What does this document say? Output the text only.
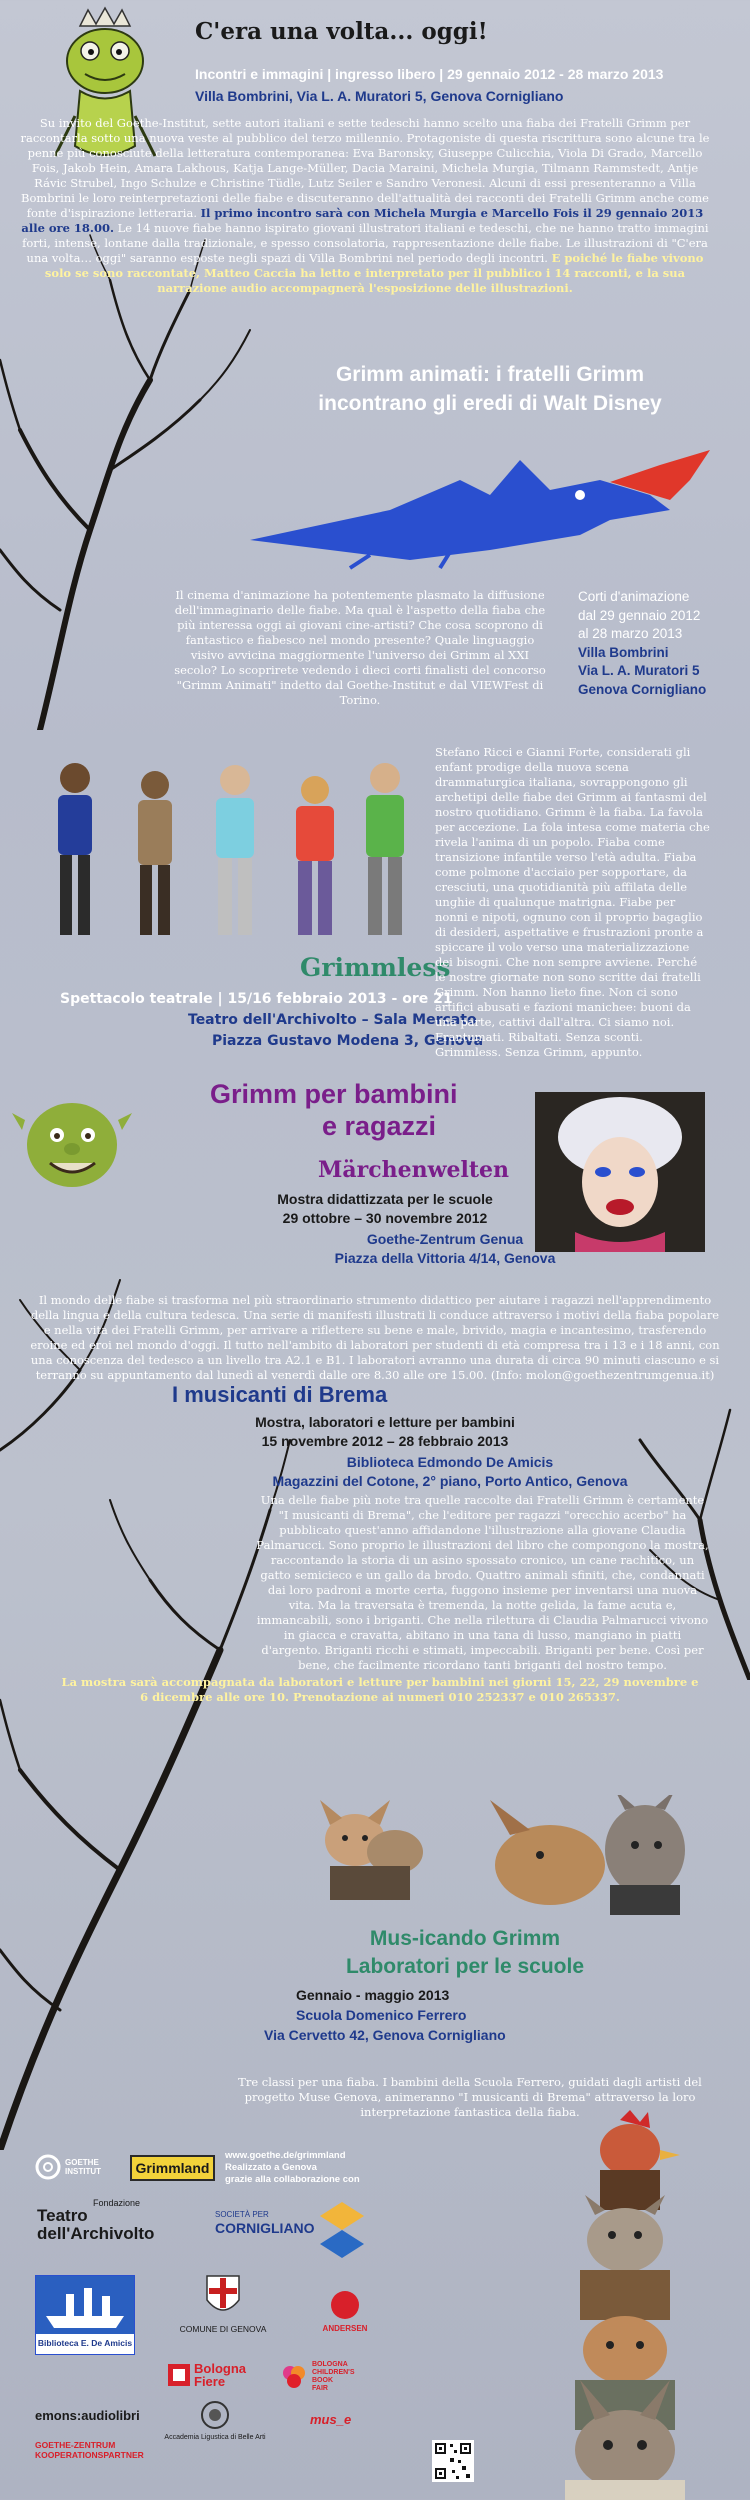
C'era una volta... oggi!
Incontri e immagini | ingresso libero | 29 gennaio 2012 - 28 marzo 2013
Villa Bombrini, Via L. A. Muratori 5, Genova Cornigliano
Su invito del Goethe-Institut, sette autori italiani e sette tedeschi hanno scelto una fiaba dei Fratelli Grimm per raccontarla sotto una nuova veste al pubblico del terzo millennio. Protagoniste di questa riscrittura sono alcune tra le penne più conosciute della letteratura contemporanea: Eva Baronsky, Giuseppe Culicchia, Viola Di Grado, Marcello Fois, Jakob Hein, Amara Lakhous, Katja Lange-Müller, Dacia Maraini, Michela Murgia, Tilmann Rammstedt, Antje Rávic Strubel, Ingo Schulze e Christine Tüdle, Lutz Seiler e Sandro Veronesi. Alcuni di essi presenteranno a Villa Bombrini le loro reinterpretazioni delle fiabe e discuteranno dell'attualità dei racconti dei Fratelli Grimm anche come fonte d'ispirazione letteraria. Il primo incontro sarà con Michela Murgia e Marcello Fois il 29 gennaio 2013 alle ore 18.00. Le 14 nuove fiabe hanno ispirato giovani illustratori italiani e tedeschi, che ne hanno tratto immagini forti, intense, lontane dalla tradizionale, e spesso consolatoria, rappresentazione delle fiabe. Le illustrazioni di "C'era una volta… oggi" saranno esposte negli spazi di Villa Bombrini nel periodo degli incontri. E poiché le fiabe vivono solo se sono raccontate, Matteo Caccia ha letto e interpretato per il pubblico i 14 racconti, e la sua narrazione audio accompagnerà l'esposizione delle illustrazioni.
Grimm animati: i fratelli Grimm
incontrano gli eredi di Walt Disney
Il cinema d'animazione ha potentemente plasmato la diffusione dell'immaginario delle fiabe. Ma qual è l'aspetto della fiaba che più interessa oggi ai giovani cine-artisti? Che cosa scoprono di fantastico e fiabesco nel mondo presente? Quale linguaggio visivo avvicina maggiormente l'universo dei Grimm al XXI secolo? Lo scoprirete vedendo i dieci corti finalisti del concorso "Grimm Animati" indetto dal Goethe-Institut e dal VIEWFest di Torino.
Corti d'animazione
dal 29 gennaio 2012
al 28 marzo 2013
Villa Bombrini
Via L. A. Muratori 5
Genova Cornigliano
Grimmless
Spettacolo teatrale | 15/16 febbraio 2013 - ore 21
Teatro dell'Archivolto – Sala Mercato
Piazza Gustavo Modena 3, Genova
Stefano Ricci e Gianni Forte, considerati gli enfant prodige della nuova scena drammaturgica italiana, sovrappongono gli archetipi delle fiabe dei Grimm ai fantasmi del nostro quotidiano. Grimm è la fiaba. La favola per accezione. La fola intesa come materia che rivela l'anima di un popolo. Fiaba come transizione infantile verso l'età adulta. Fiaba come polmone d'acciaio per sopportare, da cresciuti, una quotidianità più affilata delle unghie di qualunque matrigna. Fiabe per nonni e nipoti, ognuno con il proprio bagaglio di desideri, aspettative e frustrazioni pronte a spiccare il volo verso una materializzazione dei bisogni. Che non sempre avviene. Perché le nostre giornate non sono scritte dai fratelli Grimm. Non hanno lieto fine. Non ci sono artifici abusati e fazioni manichee: buoni da una parte, cattivi dall'altra. Ci siamo noi. Frantumati. Ribaltati. Senza sconti. Grimmless. Senza Grimm, appunto.
Grimm per bambini
e ragazzi
Märchenwelten
Mostra didattizzata per le scuole
29 ottobre – 30 novembre 2012
Goethe-Zentrum Genua
Piazza della Vittoria 4/14, Genova
Il mondo delle fiabe si trasforma nel più straordinario strumento didattico per aiutare i ragazzi nell'apprendimento della lingua e della cultura tedesca. Una serie di manifesti illustrati li conduce attraverso i motivi della fiaba popolare e nella vita dei Fratelli Grimm, per arrivare a riflettere su bene e male, brivido, magia e incantesimo, trasferendo eroine ed eroi nel mondo d'oggi. Il tutto nell'ambito di laboratori per studenti di età compresa tra i 13 e i 18 anni, con una conoscenza del tedesco a un livello tra A2.1 e B1. I laboratori avranno una durata di circa 90 minuti ciascuno e si terranno su appuntamento dal lunedì al venerdì dalle ore 8.30 alle ore 15.00. (Info: molon@goethezentrumgenua.it)
I musicanti di Brema
Mostra, laboratori e letture per bambini
15 novembre 2012 – 28 febbraio 2013
Biblioteca Edmondo De Amicis
Magazzini del Cotone, 2° piano, Porto Antico, Genova
Una delle fiabe più note tra quelle raccolte dai Fratelli Grimm è certamente "I musicanti di Brema", che l'editore per ragazzi "orecchio acerbo" ha pubblicato quest'anno affidandone l'illustrazione alla giovane Claudia Palmarucci. Sono proprio le illustrazioni del libro che compongono la mostra, raccontando la storia di un asino spossato cronico, un cane rachitico, un gatto semicieco e un gallo da brodo. Quattro animali sfiniti, che, condannati dai loro padroni a morte certa, fuggono insieme per inventarsi una nuova vita. Ma la traversata è tremenda, la notte gelida, la fame acuta e, immancabili, sono i briganti. Che nella rilettura di Claudia Palmarucci vivono in giacca e cravatta, abitano in una tana di lusso, mangiano in piatti d'argento. Briganti ricchi e stimati, impeccabili. Briganti per bene. Così per bene, che facilmente ricordano tanti briganti del nostro tempo.
La mostra sarà accompagnata da laboratori e letture per bambini nei giorni 15, 22, 29 novembre e 6 dicembre alle ore 10. Prenotazione ai numeri 010 252337 e 010 265337.
Mus-icando Grimm
Laboratori per le scuole
Gennaio - maggio 2013
Scuola Domenico Ferrero
Via Cervetto 42, Genova Cornigliano
Tre classi per una fiaba. I bambini della Scuola Ferrero, guidati dagli artisti del progetto Muse Genova, animeranno "I musicanti di Brema" attraverso la loro interpretazione fantastica della fiaba.
GOETHE INSTITUT	Grimmland
www.goethe.de/grimmland
Realizzato a Genova
grazie alla collaborazione con
Fondazione
Teatro
dell'Archivolto
SOCIETÀ PER
CORNIGLIANO
Biblioteca E. De Amicis
COMUNE DI GENOVA	ANDERSEN
Bologna
Fiere
BOLOGNA
CHILDREN'S
BOOK
FAIR
emons:audiolibri
Accademia Ligustica di Belle Arti
mus_e
GOETHE-ZENTRUM
KOOPERATIONSPARTNER
